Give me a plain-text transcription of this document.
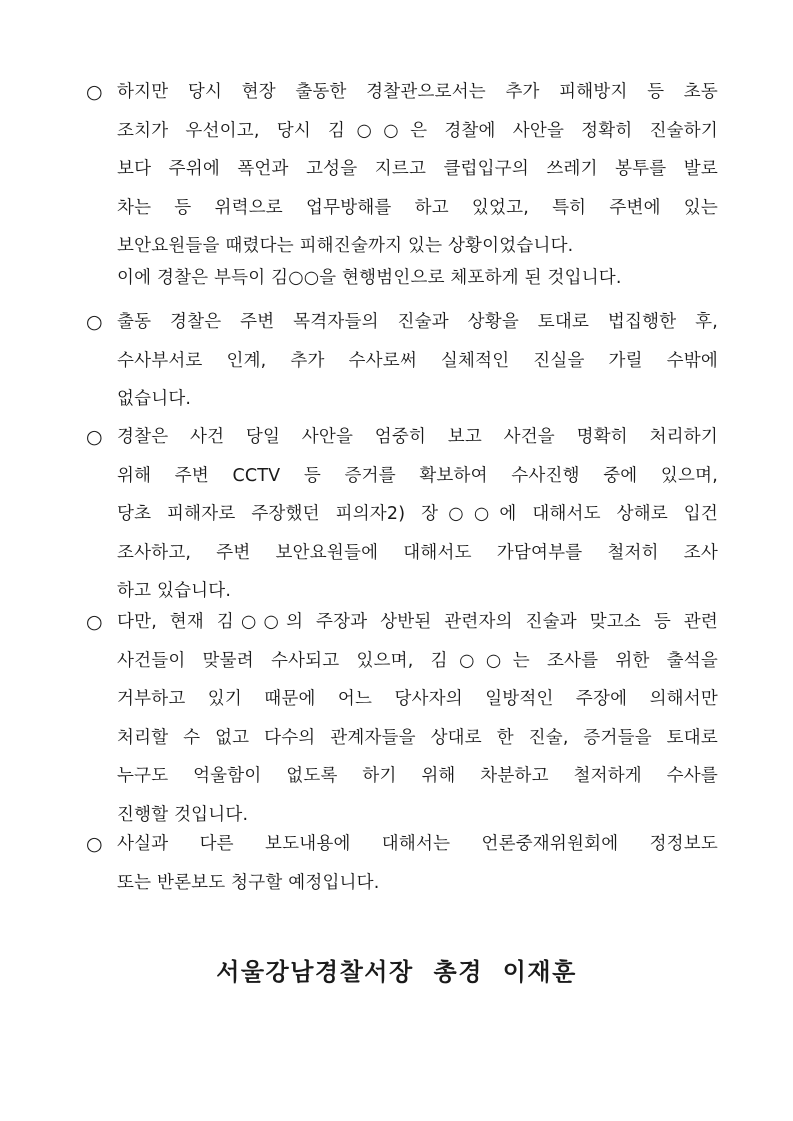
○ 하지만 당시 현장 출동한 경찰관으로서는 추가 피해방지 등 초동
조치가 우선이고, 당시 김○○은 경찰에 사안을 정확히 진술하기
보다 주위에 폭언과 고성을 지르고 클럽입구의 쓰레기 봉투를 발로
차는 등 위력으로 업무방해를 하고 있었고, 특히 주변에 있는
보안요원들을 때렸다는 피해진술까지 있는 상황이었습니다.
이에 경찰은 부득이 김○○을 현행범인으로 체포하게 된 것입니다.
○ 출동 경찰은 주변 목격자들의 진술과 상황을 토대로 법집행한 후,
수사부서로 인계, 추가 수사로써 실체적인 진실을 가릴 수밖에
없습니다.
○ 경찰은 사건 당일 사안을 엄중히 보고 사건을 명확히 처리하기
위해 주변 CCTV 등 증거를 확보하여 수사진행 중에 있으며,
당초 피해자로 주장했던 피의자2) 장○○에 대해서도 상해로 입건
조사하고, 주변 보안요원들에 대해서도 가담여부를 철저히 조사
하고 있습니다.
○ 다만, 현재 김○○의 주장과 상반된 관련자의 진술과 맞고소 등 관련
사건들이 맞물려 수사되고 있으며, 김○○는 조사를 위한 출석을
거부하고 있기 때문에 어느 당사자의 일방적인 주장에 의해서만
처리할 수 없고 다수의 관계자들을 상대로 한 진술, 증거들을 토대로
누구도 억울함이 없도록 하기 위해 차분하고 철저하게 수사를
진행할 것입니다.
○ 사실과 다른 보도내용에 대해서는 언론중재위원회에 정정보도
또는 반론보도 청구할 예정입니다.
서울강남경찰서장 총경 이재훈
